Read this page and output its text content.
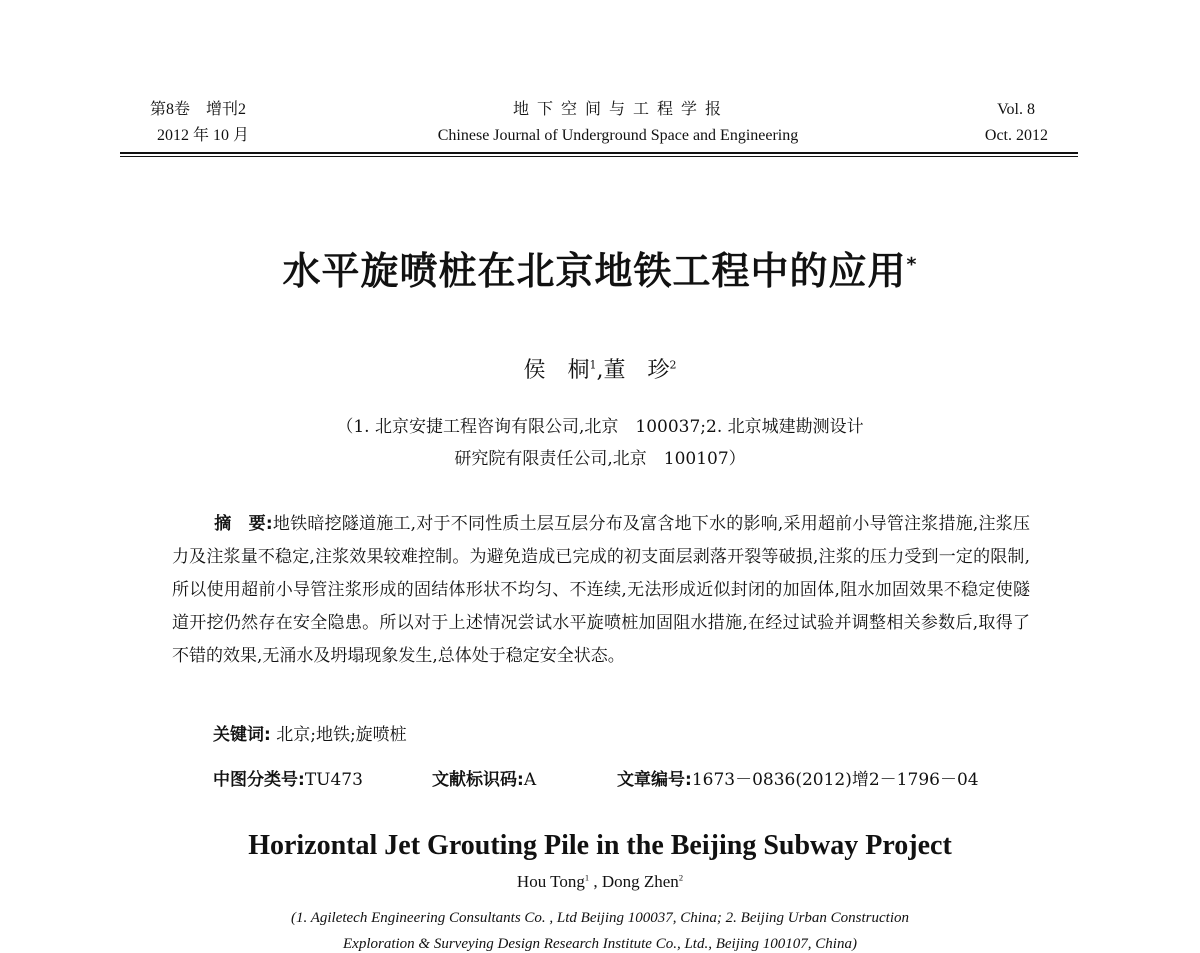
第8卷　增刊2
2012 年 10 月
地 下 空 间 与 工 程 学 报
Chinese Journal of Underground Space and Engineering
Vol. 8
Oct. 2012
水平旋喷桩在北京地铁工程中的应用*
侯　桐$^1$,董　珍$^2$
（1. 北京安捷工程咨询有限公司,北京　100037;2. 北京城建勘测设计
研究院有限责任公司,北京　100107）
摘　要:地铁暗挖隧道施工,对于不同性质土层互层分布及富含地下水的影响,采用超前小导管注浆措施,注浆压力及注浆量不稳定,注浆效果较难控制。为避免造成已完成的初支面层剥落开裂等破损,注浆的压力受到一定的限制,所以使用超前小导管注浆形成的固结体形状不均匀、不连续,无法形成近似封闭的加固体,阻水加固效果不稳定使隧道开挖仍然存在安全隐患。所以对于上述情况尝试水平旋喷桩加固阻水措施,在经过试验并调整相关参数后,取得了不错的效果,无涌水及坍塌现象发生,总体处于稳定安全状态。
关键词: 北京;地铁;旋喷桩
中图分类号:TU473	文献标识码:A	文章编号:1673－0836(2012)增2－1796－04
Horizontal Jet Grouting Pile in the Beijing Subway Project
Hou Tong$^1$ , Dong Zhen$^2$
(1. Agiletech Engineering Consultants Co. , Ltd Beijing 100037, China; 2. Beijing Urban Construction
Exploration & Surveying Design Research Institute Co., Ltd., Beijing 100107, China)
